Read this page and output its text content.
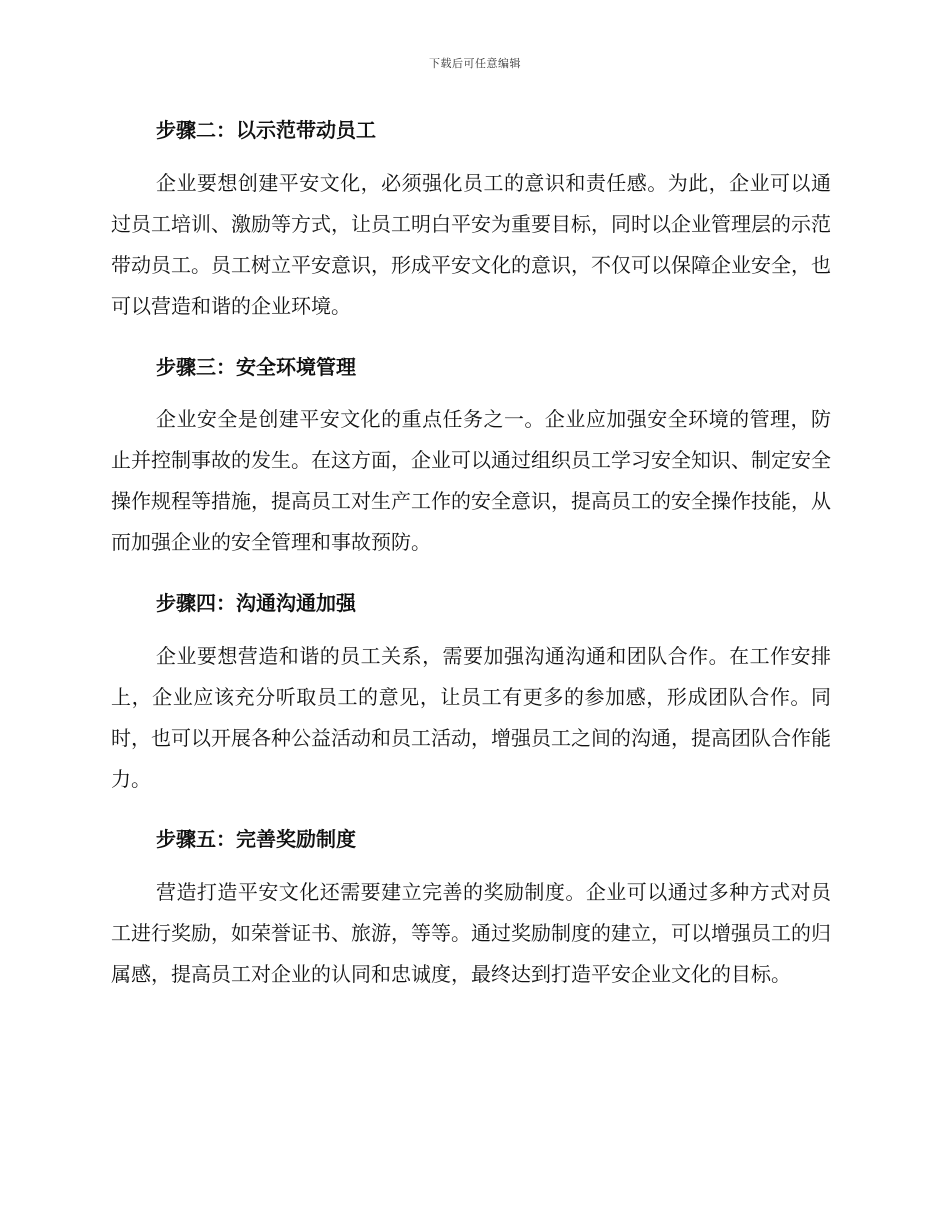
下载后可任意编辑
步骤二：以示范带动员工

企业要想创建平安文化，必须强化员工的意识和责任感。为此，企业可以通过员工培训、激励等方式，让员工明白平安为重要目标，同时以企业管理层的示范带动员工。员工树立平安意识，形成平安文化的意识，不仅可以保障企业安全，也可以营造和谐的企业环境。

步骤三：安全环境管理

企业安全是创建平安文化的重点任务之一。企业应加强安全环境的管理，防止并控制事故的发生。在这方面，企业可以通过组织员工学习安全知识、制定安全操作规程等措施，提高员工对生产工作的安全意识，提高员工的安全操作技能，从而加强企业的安全管理和事故预防。

步骤四：沟通沟通加强

企业要想营造和谐的员工关系，需要加强沟通沟通和团队合作。在工作安排上，企业应该充分听取员工的意见，让员工有更多的参加感，形成团队合作。同时，也可以开展各种公益活动和员工活动，增强员工之间的沟通，提高团队合作能力。

步骤五：完善奖励制度

营造打造平安文化还需要建立完善的奖励制度。企业可以通过多种方式对员工进行奖励，如荣誉证书、旅游，等等。通过奖励制度的建立，可以增强员工的归属感，提高员工对企业的认同和忠诚度，最终达到打造平安企业文化的目标。
